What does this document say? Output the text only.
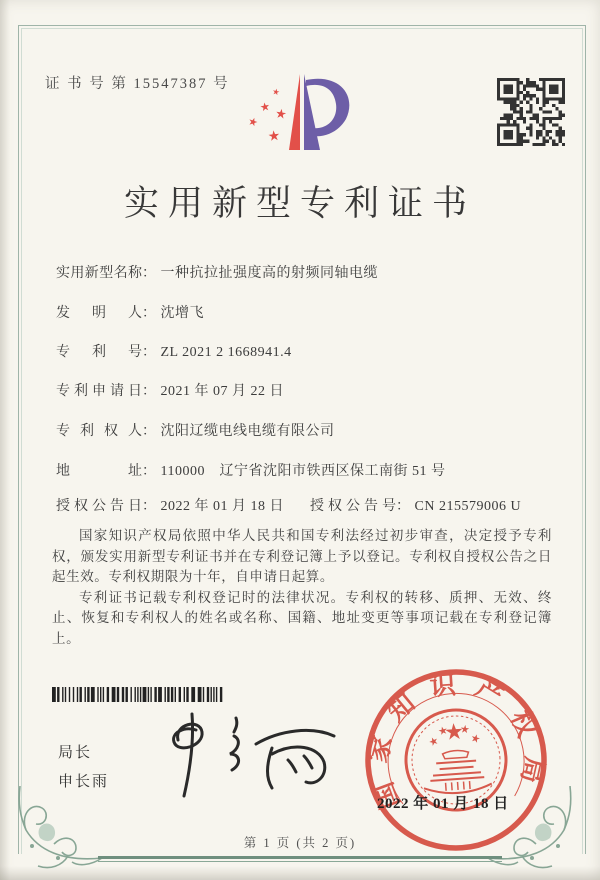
证 书 号 第 15547387 号
实用新型专利证书
实用新型名称： 一种抗拉扯强度高的射频同轴电缆
发明人： 沈增飞
专利号： ZL 2021 2 1668941.4
专利申请日： 2021 年 07 月 22 日
专利权人： 沈阳辽缆电线电缆有限公司
地址： 110000　辽宁省沈阳市铁西区保工南街 51 号
授权公告日： 2022 年 01 月 18 日 授权公告号： CN 215579006 U

国家知识产权局依照中华人民共和国专利法经过初步审查，决定授予专利权，颁发实用新型专利证书并在专利登记簿上予以登记。专利权自授权公告之日起生效。专利权期限为十年，自申请日起算。

专利证书记载专利权登记时的法律状况。专利权的转移、质押、无效、终止、恢复和专利权人的姓名或名称、国籍、地址变更等事项记载在专利登记簿上。

局长
申长雨	国家知识产权局
2022 年 01 月 18 日
第 1 页 (共 2 页)
